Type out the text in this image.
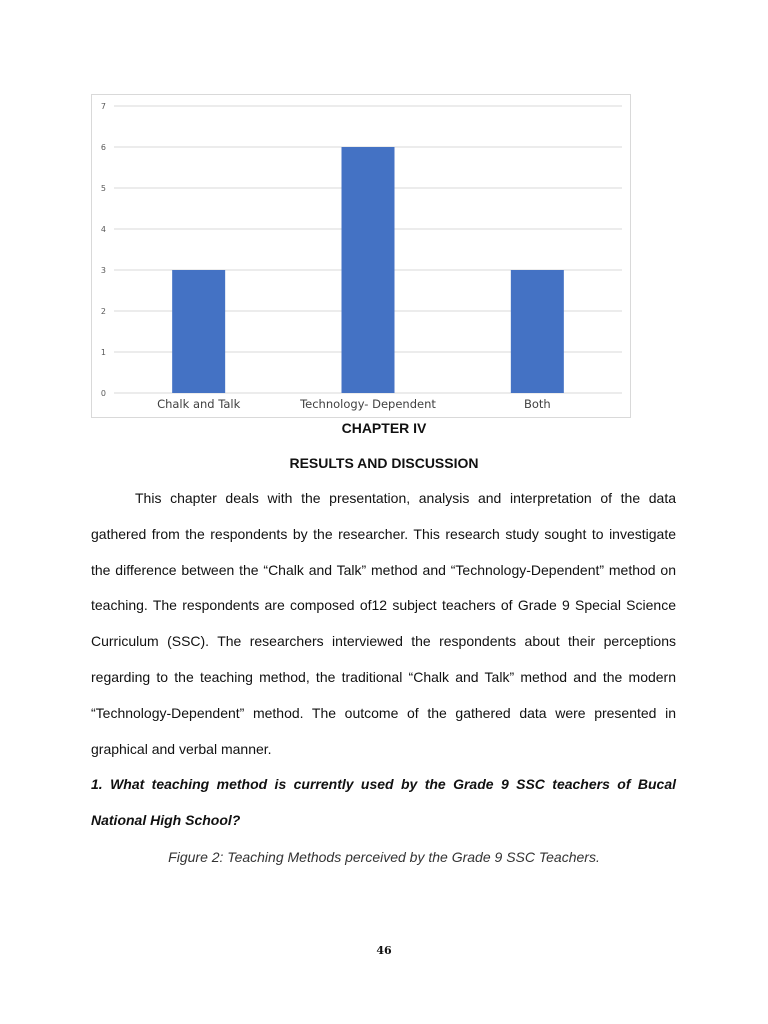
0
1
2
3
4
5
6
7
Chalk and Talk	Technology- Dependent	Both
CHAPTER IV
RESULTS AND DISCUSSION

This chapter deals with the presentation, analysis and interpretation of the data gathered from the respondents by the researcher. This research study sought to investigate the difference between the “Chalk and Talk” method and “Technology-Dependent” method on teaching. The respondents are composed of12 subject teachers of Grade 9 Special Science Curriculum (SSC). The researchers interviewed the respondents about their perceptions regarding to the teaching method, the traditional “Chalk and Talk” method and the modern “Technology-Dependent” method. The outcome of the gathered data were presented in graphical and verbal manner.

1. What teaching method is currently used by the Grade 9 SSC teachers of Bucal National High School?

Figure 2: Teaching Methods perceived by the Grade 9 SSC Teachers.
46
